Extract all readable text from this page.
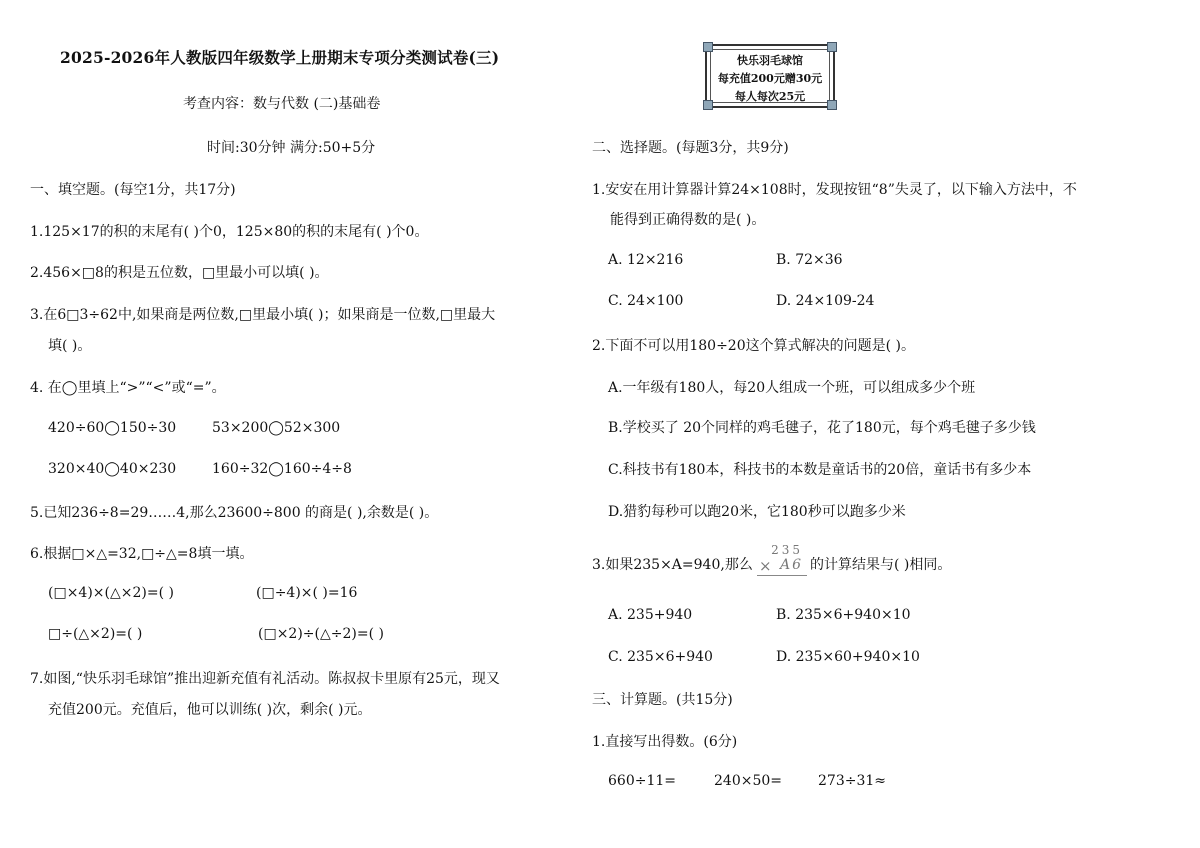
2025-2026年人教版四年级数学上册期末专项分类测试卷(三)
考查内容：数与代数 (二)基础卷
时间:30分钟 满分:50+5分
一、填空题。(每空1分，共17分)
1.125×17的积的末尾有( )个0，125×80的积的末尾有( )个0。
2.456×□8的积是五位数，□里最小可以填( )。
3.在6□3÷62中,如果商是两位数,□里最小填( )；如果商是一位数,□里最大
填( )。
4. 在◯里填上“>”“<”或“=”。
420÷60◯150÷30	53×200◯52×300
320×40◯40×230	160÷32◯160÷4÷8
5.已知236÷8=29……4,那么23600÷800 的商是( ),余数是( )。
6.根据□×△=32,□÷△=8填一填。
(□×4)×(△×2)=( )	(□÷4)×( )=16
□÷(△×2)=( )	(□×2)÷(△÷2)=( )
7.如图,“快乐羽毛球馆”推出迎新充值有礼活动。陈叔叔卡里原有25元，现又
充值200元。充值后，他可以训练( )次，剩余( )元。
快乐羽毛球馆
每充值200元赠30元
每人每次25元
二、选择题。(每题3分，共9分)
1.安安在用计算器计算24×108时，发现按钮“8”失灵了，以下输入方法中，不
能得到正确得数的是( )。
A. 12×216	B. 72×36
C. 24×100	D. 24×109-24
2.下面不可以用180÷20这个算式解决的问题是( )。
A.一年级有180人，每20人组成一个班，可以组成多少个班
B.学校买了 20个同样的鸡毛毽子，花了180元，每个鸡毛毽子多少钱
C.科技书有180本，科技书的本数是童话书的20倍，童话书有多少本
D.猎豹每秒可以跑20米，它180秒可以跑多少米
3.如果235×A=940,那么
235
× A6 的计算结果与( )相同。
A. 235+940	B. 235×6+940×10
C. 235×6+940	D. 235×60+940×10
三、计算题。(共15分)
1.直接写出得数。(6分)
660÷11=	240×50=	273÷31≈
